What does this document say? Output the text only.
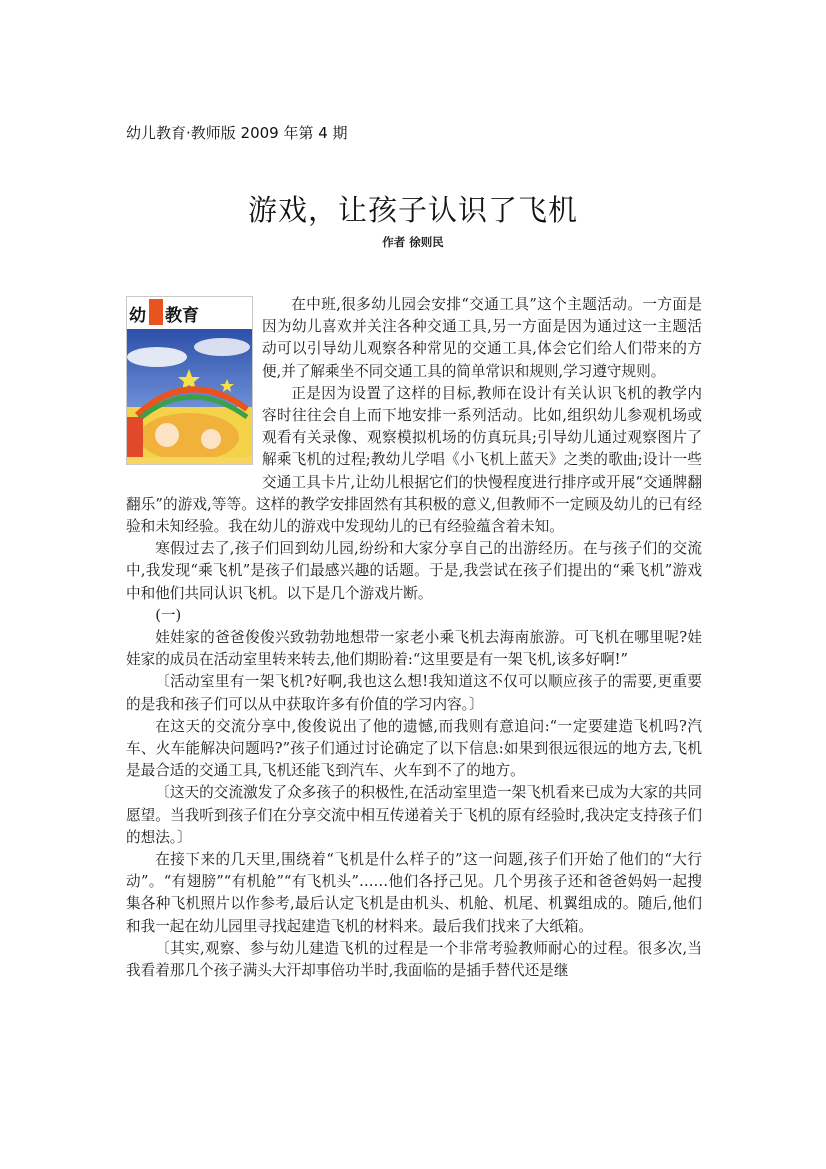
幼儿教育·教师版 2009 年第 4 期
游戏，让孩子认识了飞机
作者 徐则民
幼 教育

在中班,很多幼儿园会安排“交通工具”这个主题活动。一方面是因为幼儿喜欢并关注各种交通工具,另一方面是因为通过这一主题活动可以引导幼儿观察各种常见的交通工具,体会它们给人们带来的方便,并了解乘坐不同交通工具的简单常识和规则,学习遵守规则。

正是因为设置了这样的目标,教师在设计有关认识飞机的教学内容时往往会自上而下地安排一系列活动。比如,组织幼儿参观机场或观看有关录像、观察模拟机场的仿真玩具;引导幼儿通过观察图片了解乘飞机的过程;教幼儿学唱《小飞机上蓝天》之类的歌曲;设计一些交通工具卡片,让幼儿根据它们的快慢程度进行排序或开展“交通牌翻翻乐”的游戏,等等。这样的教学安排固然有其积极的意义,但教师不一定顾及幼儿的已有经验和未知经验。我在幼儿的游戏中发现幼儿的已有经验蕴含着未知。

寒假过去了,孩子们回到幼儿园,纷纷和大家分享自己的出游经历。在与孩子们的交流中,我发现“乘飞机”是孩子们最感兴趣的话题。于是,我尝试在孩子们提出的“乘飞机”游戏中和他们共同认识飞机。以下是几个游戏片断。

(一)

娃娃家的爸爸俊俊兴致勃勃地想带一家老小乘飞机去海南旅游。可飞机在哪里呢?娃娃家的成员在活动室里转来转去,他们期盼着:“这里要是有一架飞机,该多好啊!”

〔活动室里有一架飞机?好啊,我也这么想!我知道这不仅可以顺应孩子的需要,更重要的是我和孩子们可以从中获取许多有价值的学习内容。〕

在这天的交流分享中,俊俊说出了他的遗憾,而我则有意追问:“一定要建造飞机吗?汽车、火车能解决问题吗?”孩子们通过讨论确定了以下信息:如果到很远很远的地方去,飞机是最合适的交通工具,飞机还能飞到汽车、火车到不了的地方。

〔这天的交流激发了众多孩子的积极性,在活动室里造一架飞机看来已成为大家的共同愿望。当我听到孩子们在分享交流中相互传递着关于飞机的原有经验时,我决定支持孩子们的想法。〕

在接下来的几天里,围绕着“飞机是什么样子的”这一问题,孩子们开始了他们的“大行动”。“有翅膀”“有机舱”“有飞机头”……他们各抒己见。几个男孩子还和爸爸妈妈一起搜集各种飞机照片以作参考,最后认定飞机是由机头、机舱、机尾、机翼组成的。随后,他们和我一起在幼儿园里寻找起建造飞机的材料来。最后我们找来了大纸箱。

〔其实,观察、参与幼儿建造飞机的过程是一个非常考验教师耐心的过程。很多次,当我看着那几个孩子满头大汗却事倍功半时,我面临的是插手替代还是继
